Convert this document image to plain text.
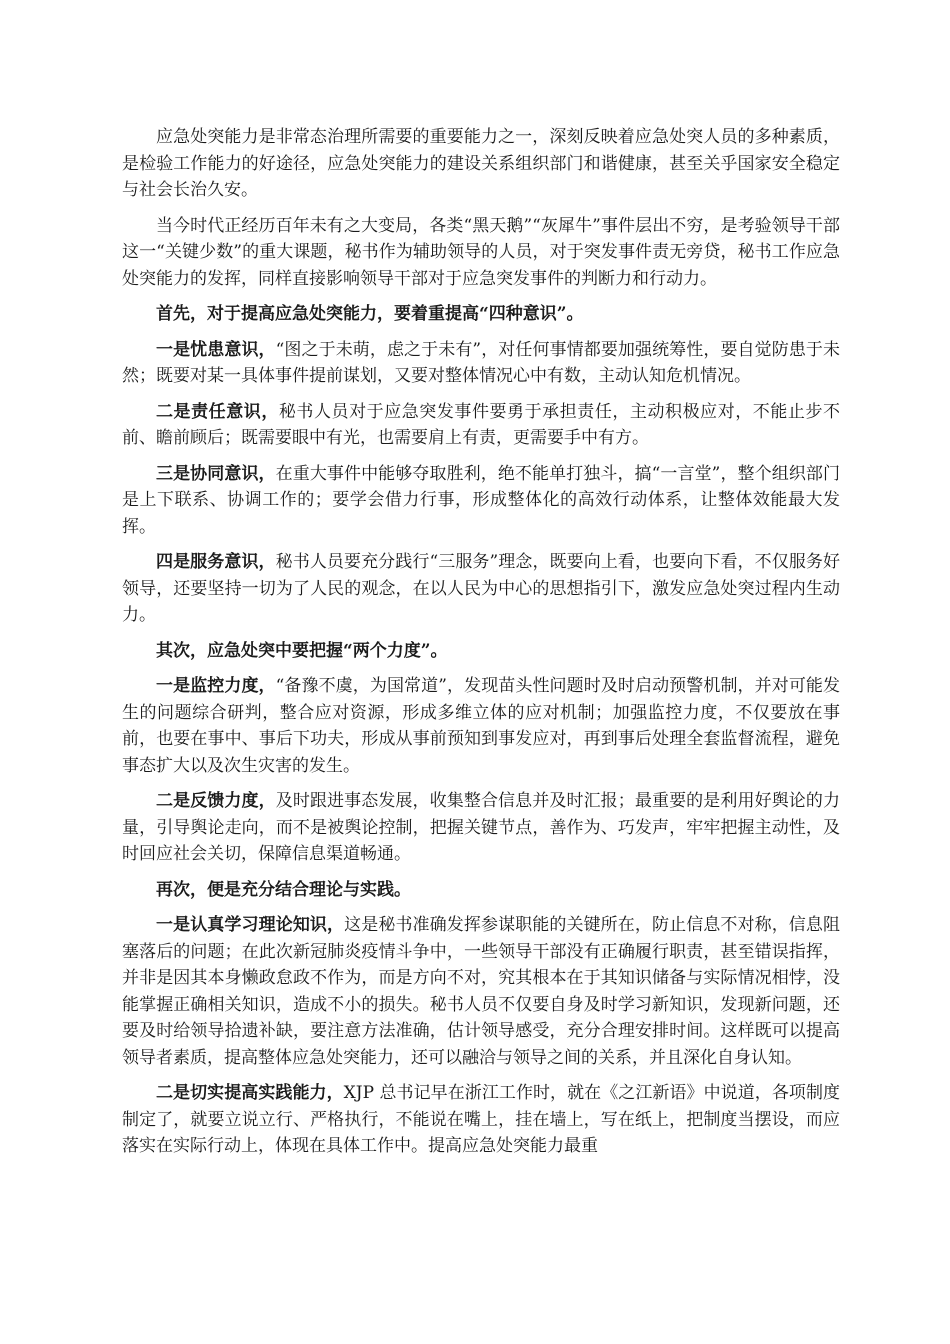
应急处突能力是非常态治理所需要的重要能力之一，深刻反映着应急处突人员的多种素质，是检验工作能力的好途径，应急处突能力的建设关系组织部门和谐健康，甚至关乎国家安全稳定与社会长治久安。

当今时代正经历百年未有之大变局，各类“黑天鹅”“灰犀牛”事件层出不穷，是考验领导干部这一“关键少数”的重大课题，秘书作为辅助领导的人员，对于突发事件责无旁贷，秘书工作应急处突能力的发挥，同样直接影响领导干部对于应急突发事件的判断力和行动力。

首先，对于提高应急处突能力，要着重提高“四种意识”。

一是忧患意识，“图之于未萌，虑之于未有”，对任何事情都要加强统筹性，要自觉防患于未然；既要对某一具体事件提前谋划，又要对整体情况心中有数，主动认知危机情况。

二是责任意识，秘书人员对于应急突发事件要勇于承担责任，主动积极应对，不能止步不前、瞻前顾后；既需要眼中有光，也需要肩上有责，更需要手中有方。

三是协同意识，在重大事件中能够夺取胜利，绝不能单打独斗，搞“一言堂”，整个组织部门是上下联系、协调工作的；要学会借力行事，形成整体化的高效行动体系，让整体效能最大发挥。

四是服务意识，秘书人员要充分践行“三服务”理念，既要向上看，也要向下看，不仅服务好领导，还要坚持一切为了人民的观念，在以人民为中心的思想指引下，激发应急处突过程内生动力。

其次，应急处突中要把握“两个力度”。

一是监控力度，“备豫不虞，为国常道”，发现苗头性问题时及时启动预警机制，并对可能发生的问题综合研判，整合应对资源，形成多维立体的应对机制；加强监控力度，不仅要放在事前，也要在事中、事后下功夫，形成从事前预知到事发应对，再到事后处理全套监督流程，避免事态扩大以及次生灾害的发生。

二是反馈力度，及时跟进事态发展，收集整合信息并及时汇报；最重要的是利用好舆论的力量，引导舆论走向，而不是被舆论控制，把握关键节点，善作为、巧发声，牢牢把握主动性，及时回应社会关切，保障信息渠道畅通。

再次，便是充分结合理论与实践。

一是认真学习理论知识，这是秘书准确发挥参谋职能的关键所在，防止信息不对称，信息阻塞落后的问题；在此次新冠肺炎疫情斗争中，一些领导干部没有正确履行职责，甚至错误指挥，并非是因其本身懒政怠政不作为，而是方向不对，究其根本在于其知识储备与实际情况相悖，没能掌握正确相关知识，造成不小的损失。秘书人员不仅要自身及时学习新知识，发现新问题，还要及时给领导拾遗补缺，要注意方法准确，估计领导感受，充分合理安排时间。这样既可以提高领导者素质，提高整体应急处突能力，还可以融洽与领导之间的关系，并且深化自身认知。

二是切实提高实践能力，XJP 总书记早在浙江工作时，就在《之江新语》中说道，各项制度制定了，就要立说立行、严格执行，不能说在嘴上，挂在墙上，写在纸上，把制度当摆设，而应落实在实际行动上，体现在具体工作中。提高应急处突能力最重
